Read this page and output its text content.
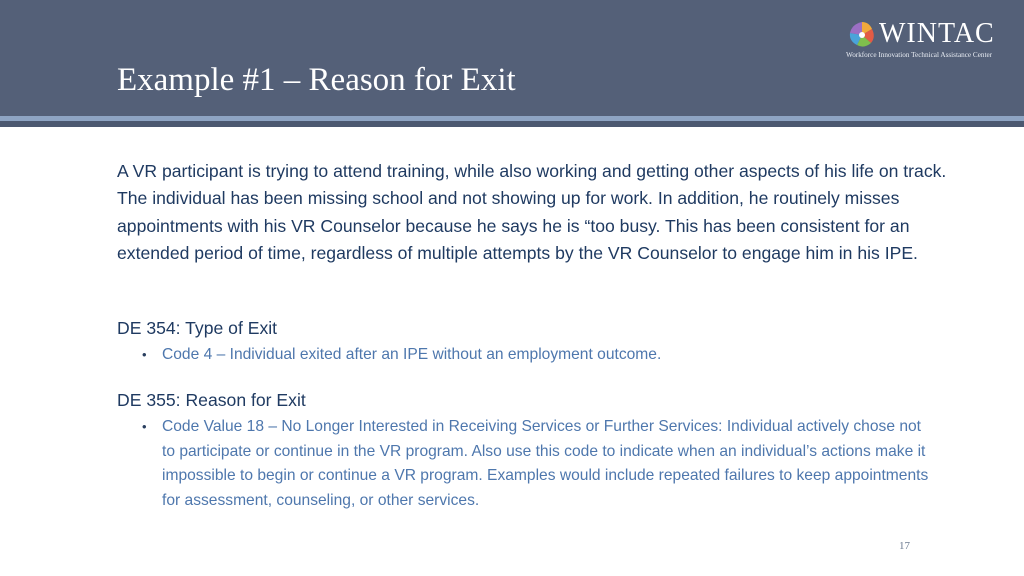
Example #1 – Reason for Exit
WINTAC
Workforce Innovation Technical Assistance Center
A VR participant is trying to attend training, while also working and getting other aspects of his life on track. The individual has been missing school and not showing up for work. In addition, he routinely misses appointments with his VR Counselor because he says he is “too busy. This has been consistent for an extended period of time, regardless of multiple attempts by the VR Counselor to engage him in his IPE.
DE 354: Type of Exit
• Code 4 – Individual exited after an IPE without an employment outcome.
DE 355: Reason for Exit
• Code Value 18 – No Longer Interested in Receiving Services or Further Services: Individual actively chose not to participate or continue in the VR program. Also use this code to indicate when an individual’s actions make it impossible to begin or continue a VR program. Examples would include repeated failures to keep appointments for assessment, counseling, or other services.
17
